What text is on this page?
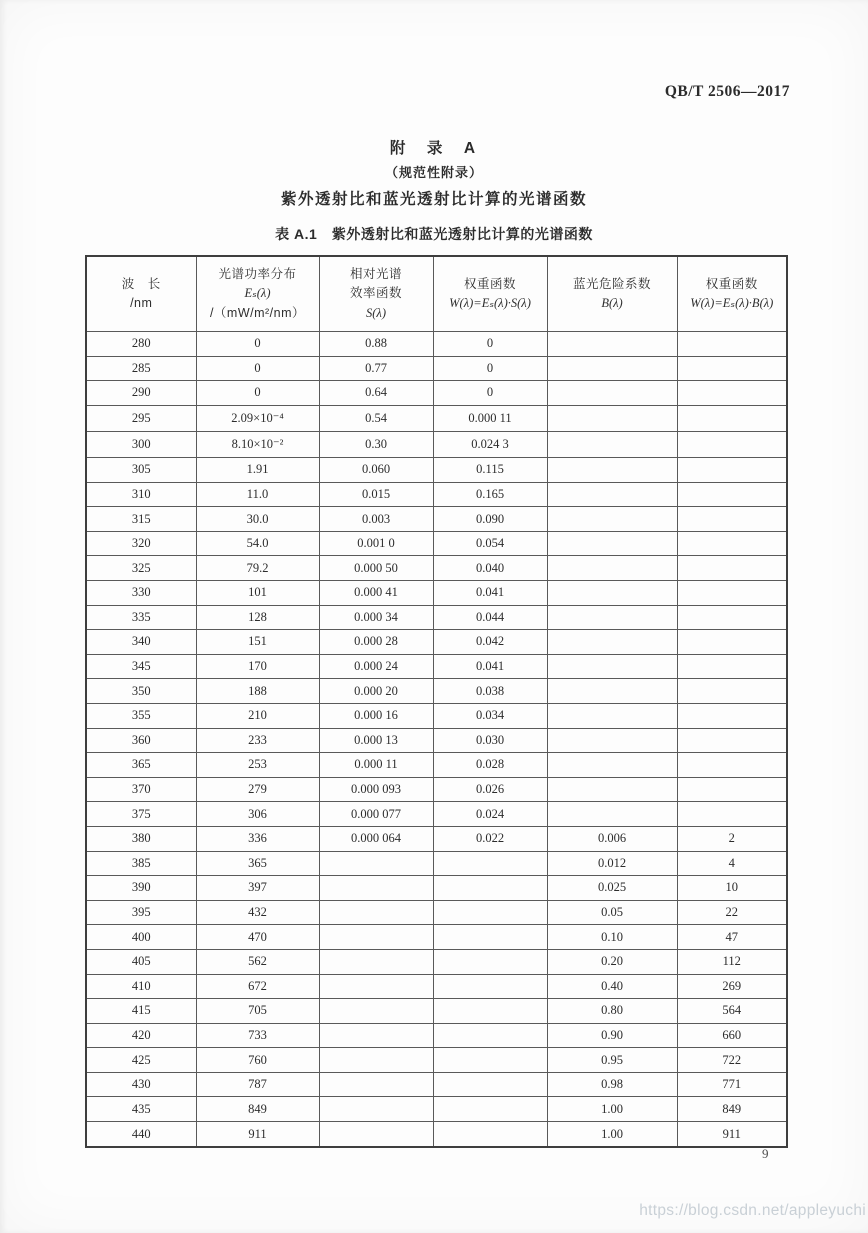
QB/T 2506—2017
附　录　A
（规范性附录）
紫外透射比和蓝光透射比计算的光谱函数
表 A.1　紫外透射比和蓝光透射比计算的光谱函数
波　长
/nm

光谱功率分布
Eₛ(λ)
/（mW/m²/nm）

相对光谱
效率函数
S(λ)

权重函数
W(λ)=Eₛ(λ)·S(λ)

蓝光危险系数
B(λ)

权重函数
W(λ)=Eₛ(λ)·B(λ)

280	0	0.88	0		
285	0	0.77	0		
290	0	0.64	0		
295	2.09×10⁻⁴	0.54	0.000 11		
300	8.10×10⁻²	0.30	0.024 3		
305	1.91	0.060	0.115		
310	11.0	0.015	0.165		
315	30.0	0.003	0.090		
320	54.0	0.001 0	0.054		
325	79.2	0.000 50	0.040		
330	101	0.000 41	0.041		
335	128	0.000 34	0.044		
340	151	0.000 28	0.042		
345	170	0.000 24	0.041		
350	188	0.000 20	0.038		
355	210	0.000 16	0.034		
360	233	0.000 13	0.030		
365	253	0.000 11	0.028		
370	279	0.000 093	0.026		
375	306	0.000 077	0.024		
380	336	0.000 064	0.022	0.006	2
385	365			0.012	4
390	397			0.025	10
395	432			0.05	22
400	470			0.10	47
405	562			0.20	112
410	672			0.40	269
415	705			0.80	564
420	733			0.90	660
425	760			0.95	722
430	787			0.98	771
435	849			1.00	849
440	911			1.00	911
9
https://blog.csdn.net/appleyuchi
